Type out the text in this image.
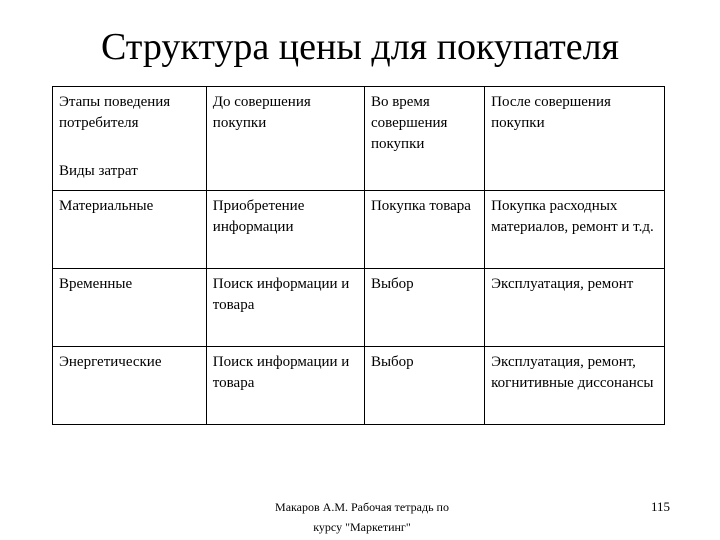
Структура цены для покупателя
Этапы поведения потребителя
Виды затрат	До совершения покупки	Во время совершения покупки	После совершения покупки
Материальные	Приобретение информации	Покупка товара	Покупка расходных материалов, ремонт и т.д.
Временные	Поиск информации и товара	Выбор	Эксплуатация, ремонт
Энергетические	Поиск информации и товара	Выбор	Эксплуатация, ремонт, когнитивные диссонансы
Макаров А.М. Рабочая тетрадь по
курсу "Маркетинг"
115
